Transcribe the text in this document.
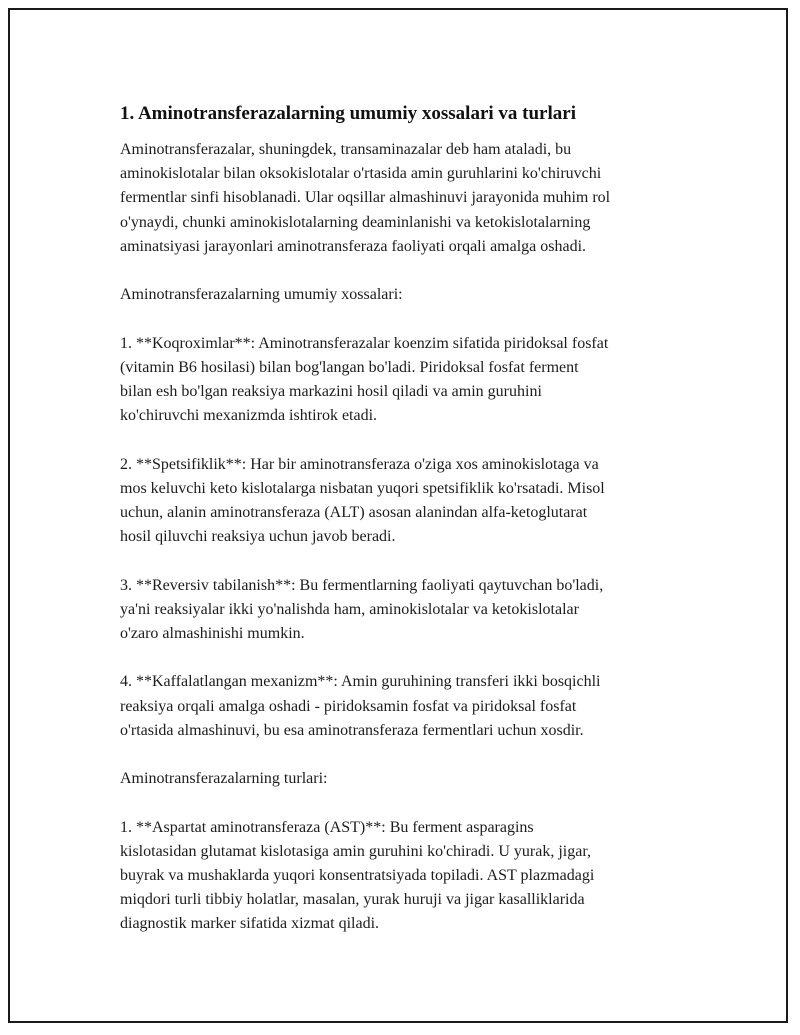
1. Aminotransferazalarning umumiy xossalari va turlari

Aminotransferazalar, shuningdek, transaminazalar deb ham ataladi, bu
aminokislotalar bilan oksokislotalar o'rtasida amin guruhlarini ko'chiruvchi
fermentlar sinfi hisoblanadi. Ular oqsillar almashinuvi jarayonida muhim rol
o'ynaydi, chunki aminokislotalarning deaminlanishi va ketokislotalarning
aminatsiyasi jarayonlari aminotransferaza faoliyati orqali amalga oshadi.

Aminotransferazalarning umumiy xossalari:

1. **Koqroximlar**: Aminotransferazalar koenzim sifatida piridoksal fosfat
(vitamin B6 hosilasi) bilan bog'langan bo'ladi. Piridoksal fosfat ferment
bilan esh bo'lgan reaksiya markazini hosil qiladi va amin guruhini
ko'chiruvchi mexanizmda ishtirok etadi.

2. **Spetsifiklik**: Har bir aminotransferaza o'ziga xos aminokislotaga va
mos keluvchi keto kislotalarga nisbatan yuqori spetsifiklik ko'rsatadi. Misol
uchun, alanin aminotransferaza (ALT) asosan alanindan alfa-ketoglutarat
hosil qiluvchi reaksiya uchun javob beradi.

3. **Reversiv tabilanish**: Bu fermentlarning faoliyati qaytuvchan bo'ladi,
ya'ni reaksiyalar ikki yo'nalishda ham, aminokislotalar va ketokislotalar
o'zaro almashinishi mumkin.

4. **Kaffalatlangan mexanizm**: Amin guruhining transferi ikki bosqichli
reaksiya orqali amalga oshadi - piridoksamin fosfat va piridoksal fosfat
o'rtasida almashinuvi, bu esa aminotransferaza fermentlari uchun xosdir.

Aminotransferazalarning turlari:

1. **Aspartat aminotransferaza (AST)**: Bu ferment asparagins
kislotasidan glutamat kislotasiga amin guruhini ko'chiradi. U yurak, jigar,
buyrak va mushaklarda yuqori konsentratsiyada topiladi. AST plazmadagi
miqdori turli tibbiy holatlar, masalan, yurak huruji va jigar kasalliklarida
diagnostik marker sifatida xizmat qiladi.
